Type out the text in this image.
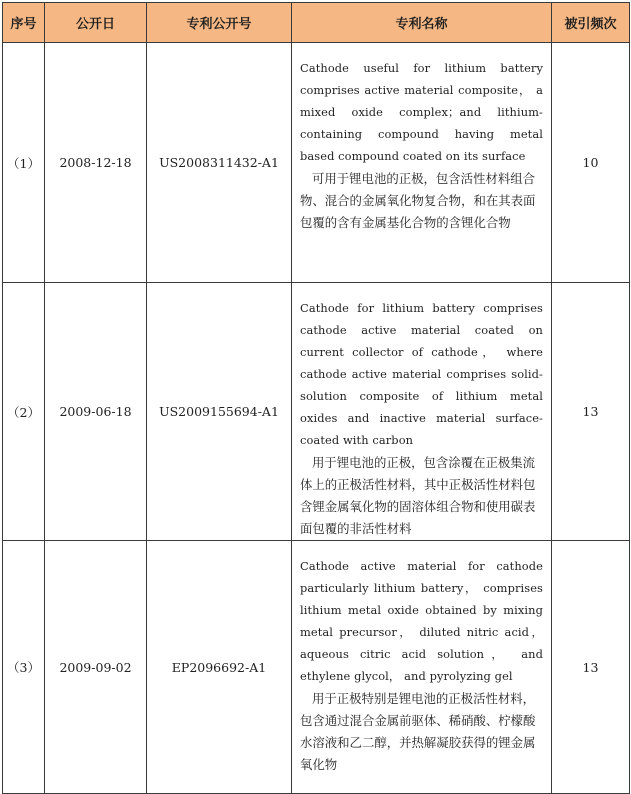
序号	公开日	专利公开号	专利名称	被引频次
（1）	2008-12-18	US2008311432-A1	Cathode useful for lithium battery comprises active material composite， a mixed oxide complex；and lithium-containing compound having metal based compound coated on its surface
可用于锂电池的正极，包含活性材料组合物、混合的金属氧化物复合物，和在其表面包覆的含有金属基化合物的含锂化合物	10
（2）	2009-06-18	US2009155694-A1	Cathode for lithium battery comprises cathode active material coated on current collector of cathode， where cathode active material comprises solid-solution composite of lithium metal oxides and inactive material surface-coated with carbon
用于锂电池的正极，包含涂覆在正极集流体上的正极活性材料，其中正极活性材料包含锂金属氧化物的固溶体组合物和使用碳表面包覆的非活性材料	13
（3）	2009-09-02	EP2096692-A1	Cathode active material for cathode particularly lithium battery， comprises lithium metal oxide obtained by mixing metal precursor， diluted nitric acid， aqueous citric acid solution， and ethylene glycol， and pyrolyzing gel
用于正极特别是锂电池的正极活性材料，包含通过混合金属前驱体、稀硝酸、柠檬酸水溶液和乙二醇，并热解凝胶获得的锂金属氧化物	13
